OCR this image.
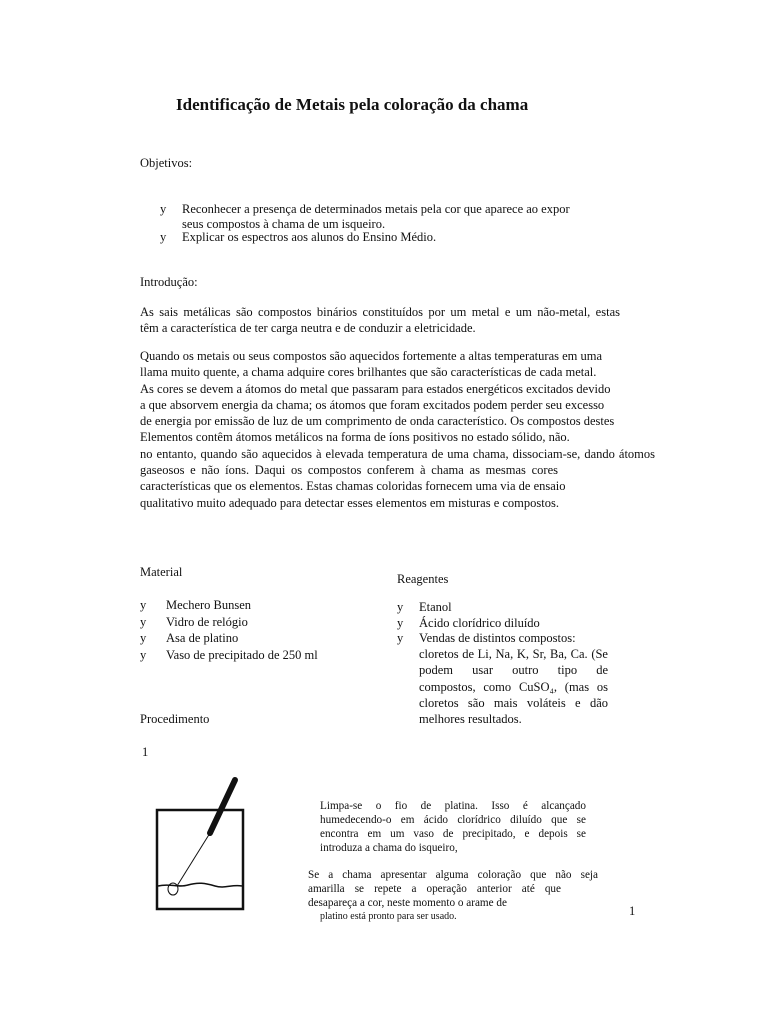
Identificação de Metais pela coloração da chama
Objetivos:
y Reconhecer a presença de determinados metais pela cor que aparece ao expor
seus compostos à chama de um isqueiro.
y Explicar os espectros aos alunos do Ensino Médio.
Introdução:
As sais metálicas são compostos binários constituídos por um metal e um não-metal, estas
têm a característica de ter carga neutra e de conduzir a eletricidade.
Quando os metais ou seus compostos são aquecidos fortemente a altas temperaturas em uma
llama muito quente, a chama adquire cores brilhantes que são características de cada metal.
As cores se devem a átomos do metal que passaram para estados energéticos excitados devido
a que absorvem energia da chama; os átomos que foram excitados podem perder seu excesso
de energia por emissão de luz de um comprimento de onda característico. Os compostos destes
Elementos contêm átomos metálicos na forma de íons positivos no estado sólido, não.
no entanto, quando são aquecidos à elevada temperatura de uma chama, dissociam-se, dando átomos
gaseosos e não íons. Daqui os compostos conferem à chama as mesmas cores
características que os elementos. Estas chamas coloridas fornecem uma via de ensaio
qualitativo muito adequado para detectar esses elementos em misturas e compostos.
Material
y Mechero Bunsen
y Vidro de relógio
y Asa de platino
y Vaso de precipitado de 250 ml
Reagentes
y Etanol
y Ácido clorídrico diluído
y Vendas de distintos compostos:
cloretos de Li, Na, K, Sr, Ba, Ca. (Se
podem usar outro tipo de
compostos, como CuSO₄, (mas os
cloretos são mais voláteis e dão
melhores resultados.
Procedimento
1
Limpa-se o fio de platina. Isso é alcançado
humedecendo-o em ácido clorídrico diluído que se
encontra em um vaso de precipitado, e depois se
introduza a chama do isqueiro,
Se a chama apresentar alguma coloração que não seja
amarilla se repete a operação anterior até que
desapareça a cor, neste momento o arame de
platino está pronto para ser usado.	1
